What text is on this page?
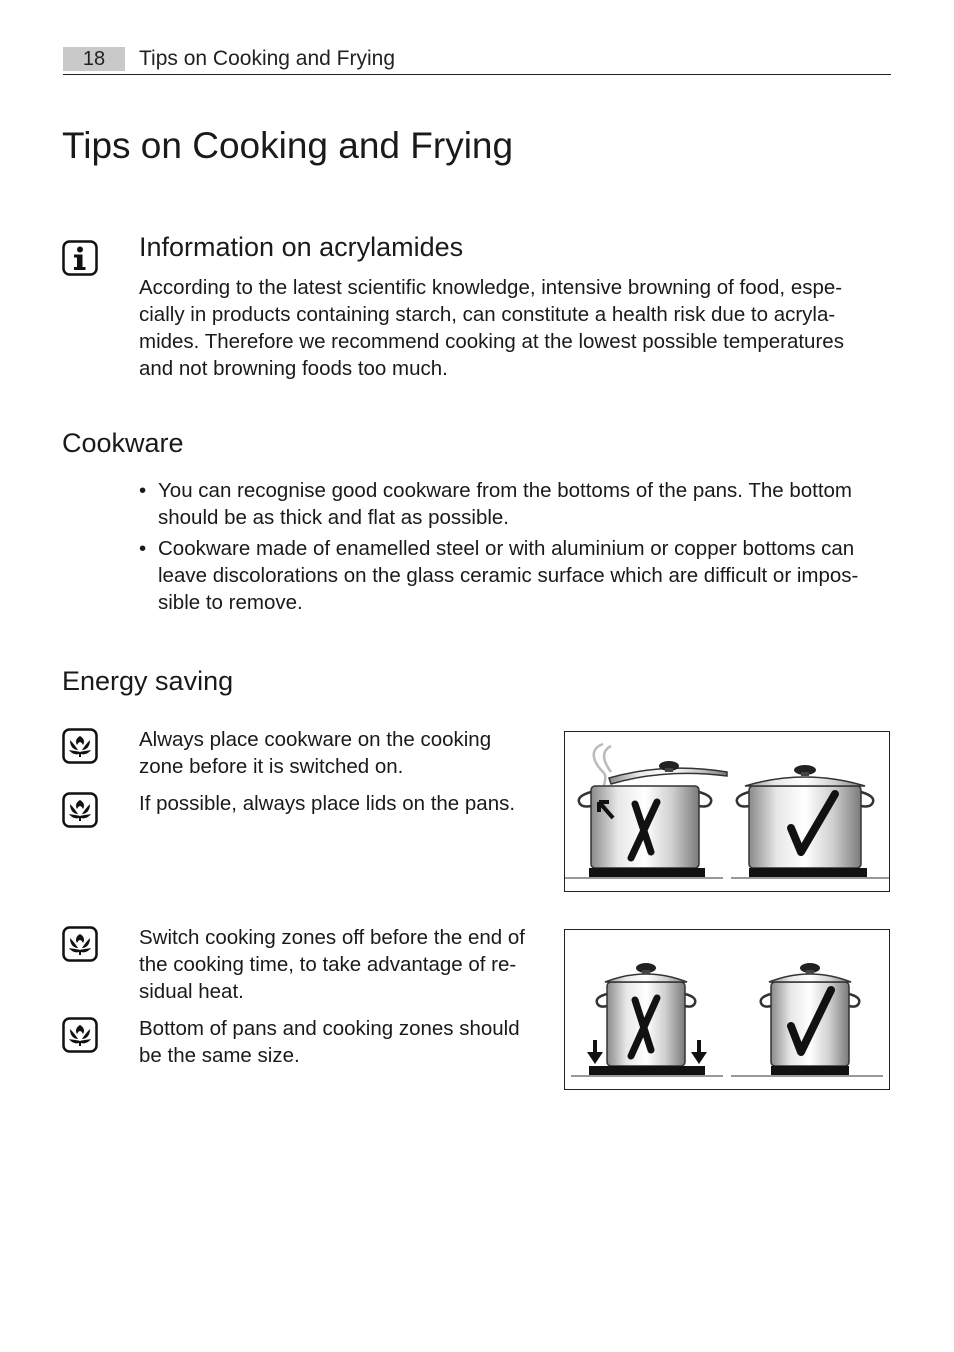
18	Tips on Cooking and Frying
Tips on Cooking and Frying
Information on acrylamides
According to the latest scientific knowledge, intensive browning of food, espe-
cially in products containing starch, can constitute a health risk due to acryla-
mides. Therefore we recommend cooking at the lowest possible temperatures
and not browning foods too much.
Cookware
• You can recognise good cookware from the bottoms of the pans. The bottom
should be as thick and flat as possible.
• Cookware made of enamelled steel or with aluminium or copper bottoms can
leave discolorations on the glass ceramic surface which are difficult or impos-
sible to remove.
Energy saving
Always place cookware on the cooking
zone before it is switched on.
If possible, always place lids on the pans.
Switch cooking zones off before the end of
the cooking time, to take advantage of re-
sidual heat.
Bottom of pans and cooking zones should
be the same size.
